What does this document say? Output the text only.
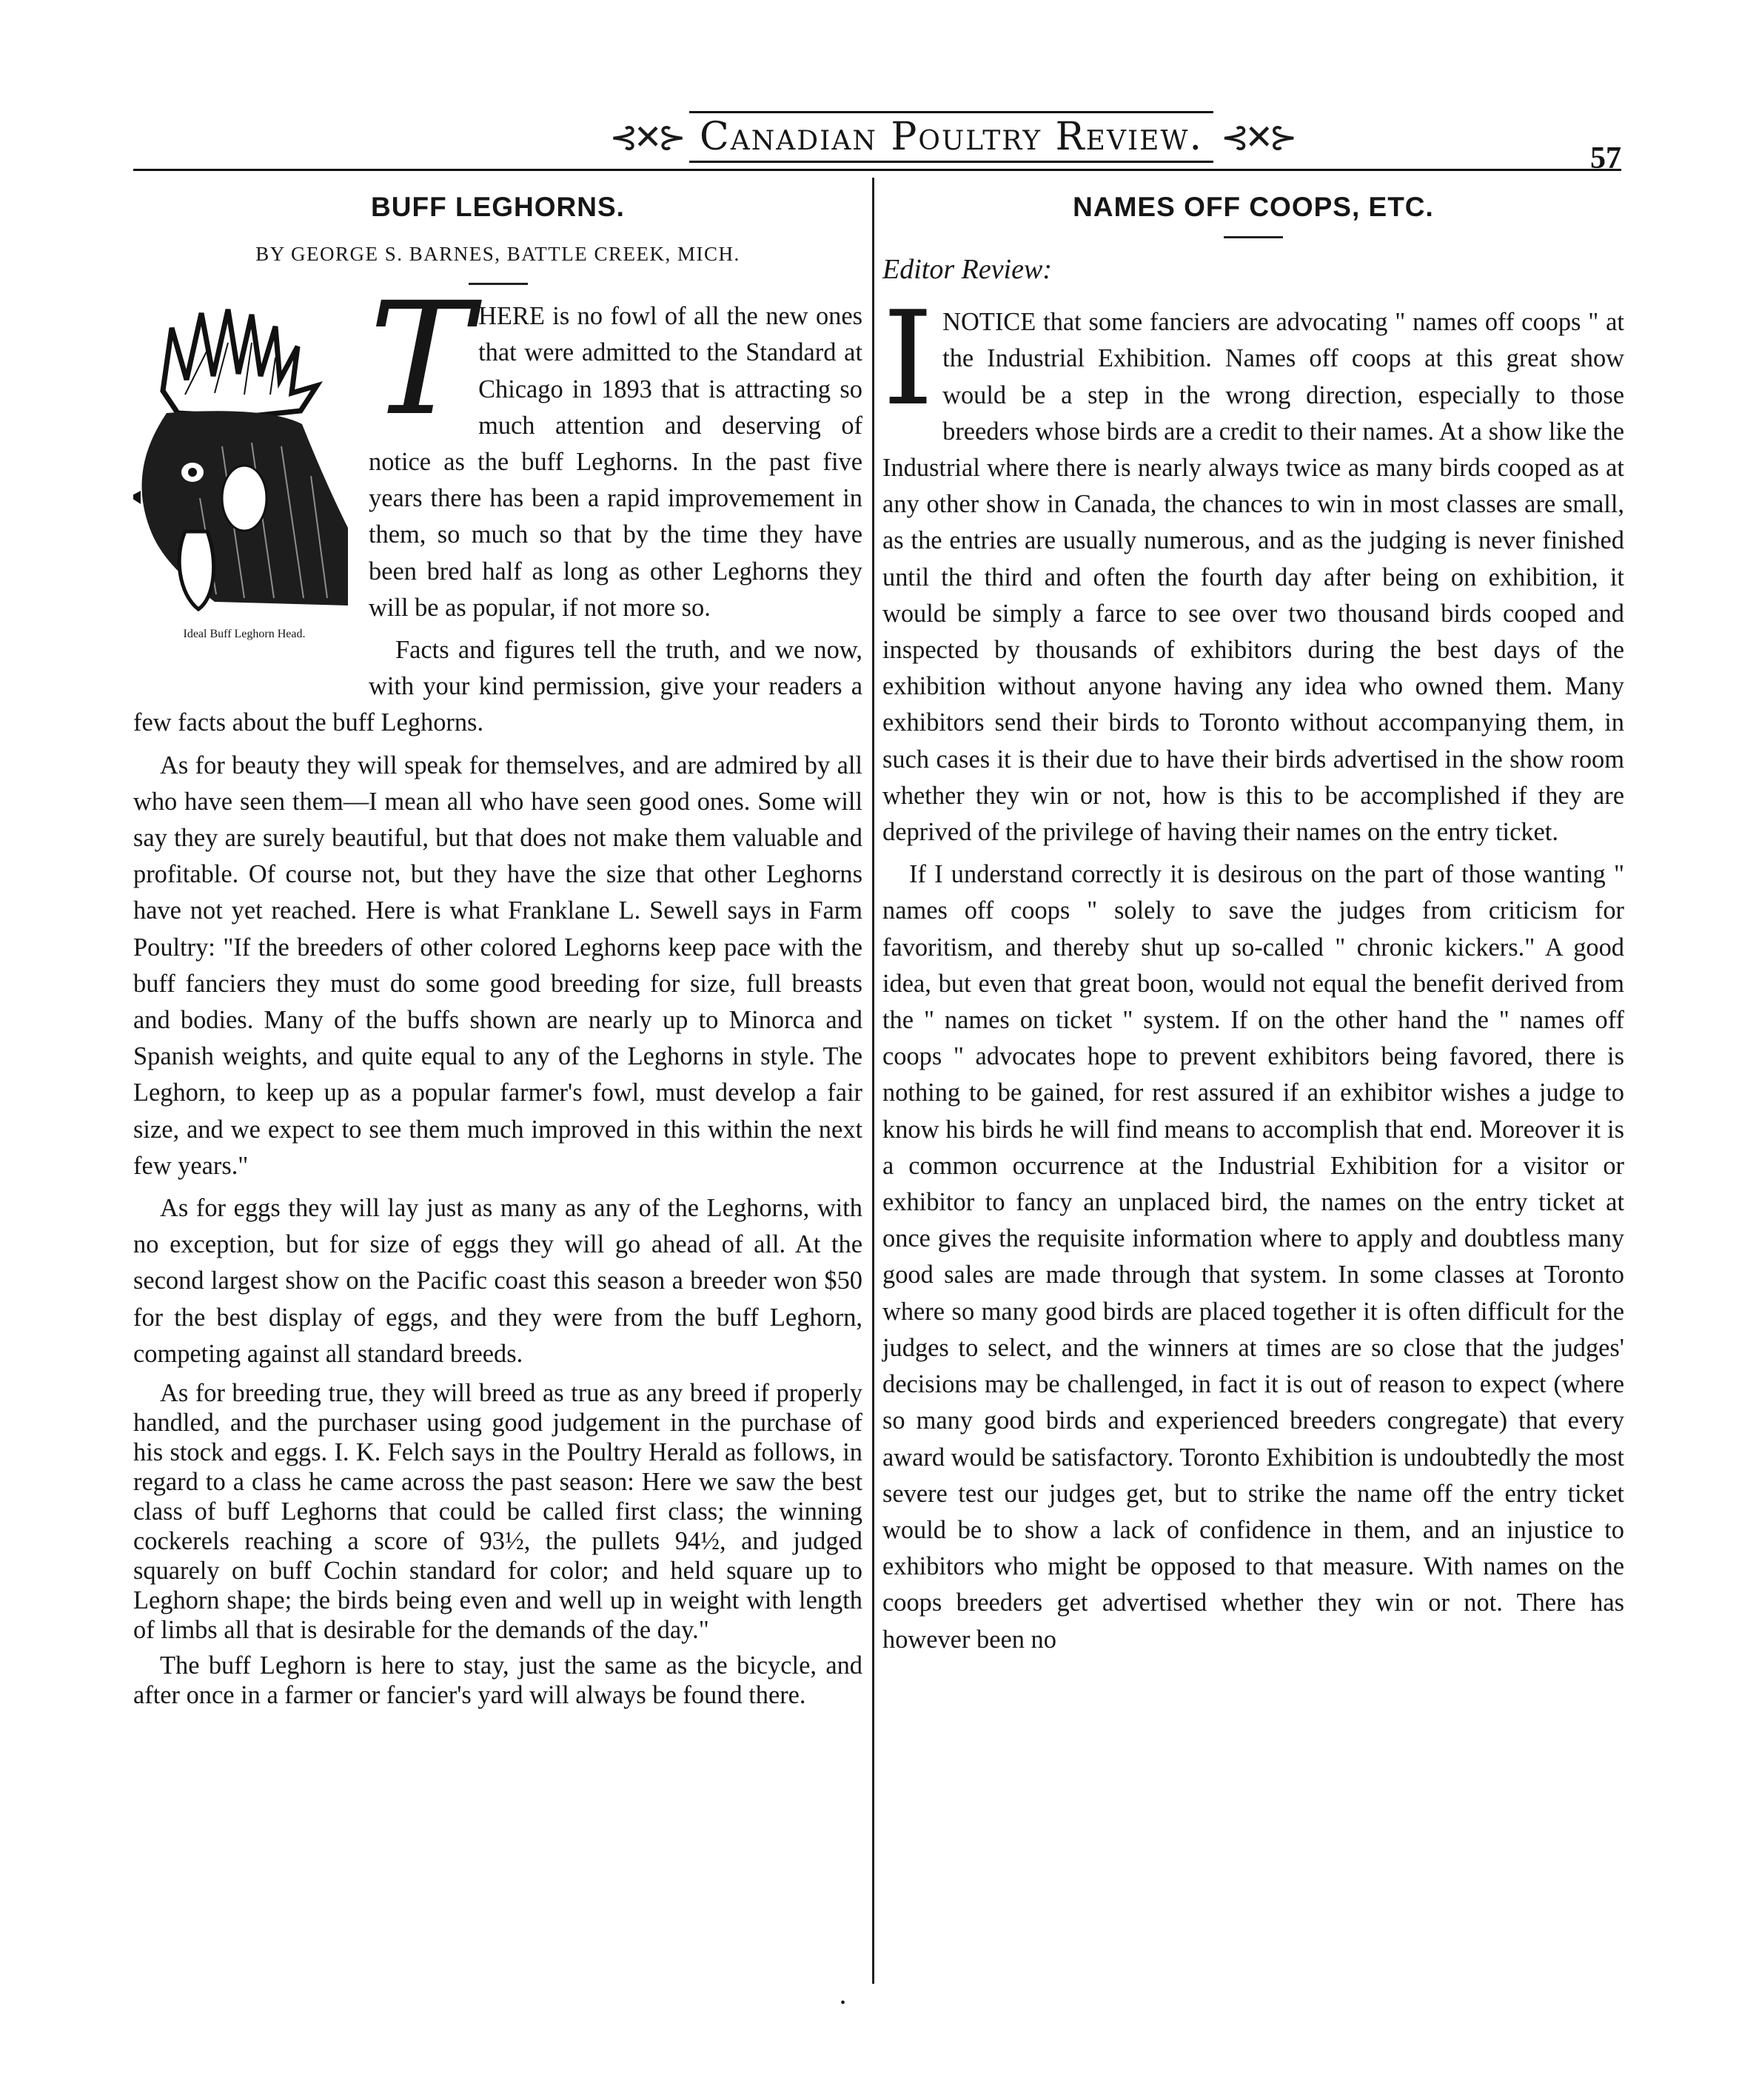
⊰✕⊱ Canadian Poultry Review. ⊰✕⊱
57
BUFF LEGHORNS.
BY GEORGE S. BARNES, BATTLE CREEK, MICH.
Ideal Buff Leghorn Head.
T HERE is no fowl of all the new ones that were admitted to the Standard at Chicago in 1893 that is attracting so much attention and deserving of notice as the buff Leghorns. In the past five years there has been a rapid improvemement in them, so much so that by the time they have been bred half as long as other Leghorns they will be as popular, if not more so.

Facts and figures tell the truth, and we now, with your kind permission, give your readers a few facts about the buff Leghorns.

As for beauty they will speak for themselves, and are admired by all who have seen them—I mean all who have seen good ones. Some will say they are surely beautiful, but that does not make them valuable and profitable. Of course not, but they have the size that other Leghorns have not yet reached. Here is what Franklane L. Sewell says in Farm Poultry: "If the breeders of other colored Leghorns keep pace with the buff fanciers they must do some good breeding for size, full breasts and bodies. Many of the buffs shown are nearly up to Minorca and Spanish weights, and quite equal to any of the Leghorns in style. The Leghorn, to keep up as a popular farmer's fowl, must develop a fair size, and we expect to see them much improved in this within the next few years."

As for eggs they will lay just as many as any of the Leghorns, with no exception, but for size of eggs they will go ahead of all. At the second largest show on the Pacific coast this season a breeder won $50 for the best display of eggs, and they were from the buff Leghorn, competing against all standard breeds.

As for breeding true, they will breed as true as any breed if properly handled, and the purchaser using good judgement in the purchase of his stock and eggs. I. K. Felch says in the Poultry Herald as follows, in regard to a class he came across the past season: Here we saw the best class of buff Leghorns that could be called first class; the winning cockerels reaching a score of 93½, the pullets 94½, and judged squarely on buff Cochin standard for color; and held square up to Leghorn shape; the birds being even and well up in weight with length of limbs all that is desirable for the demands of the day."

The buff Leghorn is here to stay, just the same as the bicycle, and after once in a farmer or fancier's yard will always be found there.

NAMES OFF COOPS, ETC.
Editor Review:
I NOTICE that some fanciers are advocating " names off coops " at the Industrial Exhibition. Names off coops at this great show would be a step in the wrong direction, especially to those breeders whose birds are a credit to their names. At a show like the Industrial where there is nearly always twice as many birds cooped as at any other show in Canada, the chances to win in most classes are small, as the entries are usually numerous, and as the judging is never finished until the third and often the fourth day after being on exhibition, it would be simply a farce to see over two thousand birds cooped and inspected by thousands of exhibitors during the best days of the exhibition without anyone having any idea who owned them. Many exhibitors send their birds to Toronto without accompanying them, in such cases it is their due to have their birds advertised in the show room whether they win or not, how is this to be accomplished if they are deprived of the privilege of having their names on the entry ticket.

If I understand correctly it is desirous on the part of those wanting " names off coops " solely to save the judges from criticism for favoritism, and thereby shut up so-called " chronic kickers." A good idea, but even that great boon, would not equal the benefit derived from the " names on ticket " system. If on the other hand the " names off coops " advocates hope to prevent exhibitors being favored, there is nothing to be gained, for rest assured if an exhibitor wishes a judge to know his birds he will find means to accomplish that end. Moreover it is a common occurrence at the Industrial Exhibition for a visitor or exhibitor to fancy an unplaced bird, the names on the entry ticket at once gives the requisite information where to apply and doubtless many good sales are made through that system. In some classes at Toronto where so many good birds are placed together it is often difficult for the judges to select, and the winners at times are so close that the judges' decisions may be challenged, in fact it is out of reason to expect (where so many good birds and experienced breeders congregate) that every award would be satisfactory. Toronto Exhibition is undoubtedly the most severe test our judges get, but to strike the name off the entry ticket would be to show a lack of confidence in them, and an injustice to exhibitors who might be opposed to that measure. With names on the coops breeders get advertised whether they win or not. There has however been no

•
